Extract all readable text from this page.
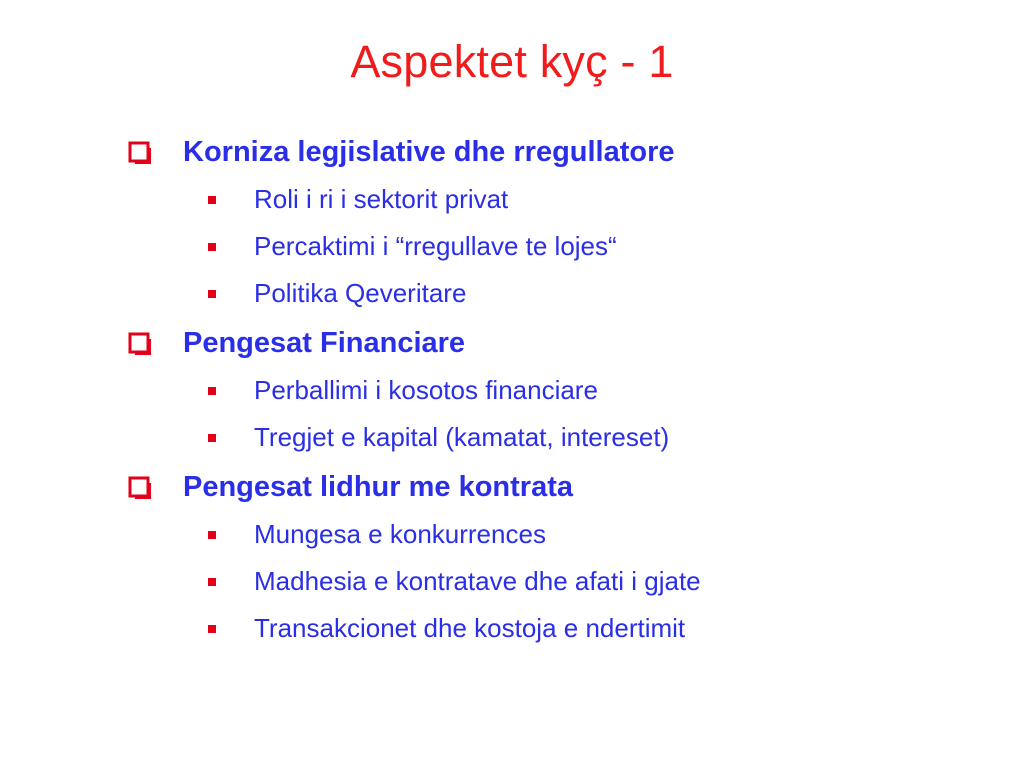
Aspektet kyç - 1
Korniza legjislative dhe rregullatore
Roli i ri i sektorit privat
Percaktimi i “rregullave te lojes“
Politika Qeveritare
Pengesat Financiare
Perballimi i kosotos financiare
Tregjet e kapital (kamatat, intereset)
Pengesat lidhur me kontrata
Mungesa e konkurrences
Madhesia e kontratave dhe afati i gjate
Transakcionet dhe kostoja e ndertimit
